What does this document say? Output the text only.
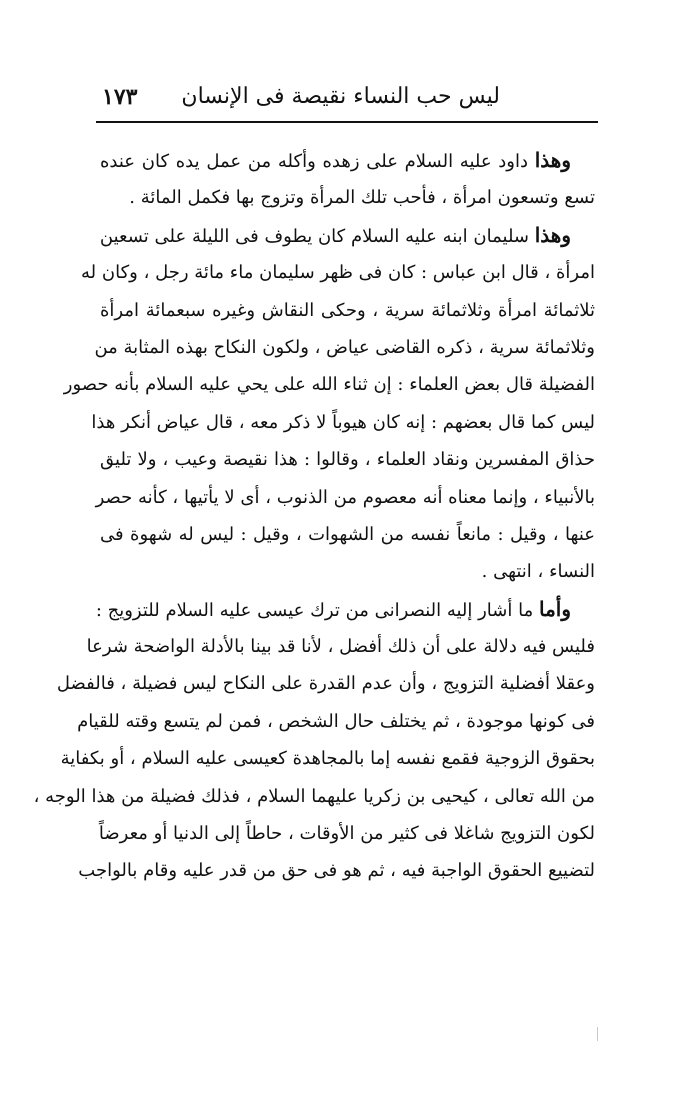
ليس حب النساء نقيصة فى الإنسان
١٧٣
وهذا داود عليه السلام على زهده وأكله من عمل يده كان عنده
تسع وتسعون امرأة ، فأحب تلك المرأة وتزوج بها فكمل المائة .
وهذا سليمان ابنه عليه السلام كان يطوف فى الليلة على تسعين
امرأة ، قال ابن عباس : كان فى ظهر سليمان ماء مائة رجل ، وكان له
ثلاثمائة امرأة وثلاثمائة سرية ، وحكى النقاش وغيره سبعمائة امرأة
وثلاثمائة سرية ، ذكره القاضى عياض ، ولكون النكاح بهذه المثابة من
الفضيلة قال بعض العلماء : إن ثناء الله على يحي عليه السلام بأنه حصور
ليس كما قال بعضهم : إنه كان هيوباً لا ذكر معه ، قال عياض أنكر هذا
حذاق المفسرين ونقاد العلماء ، وقالوا : هذا نقيصة وعيب ، ولا تليق
بالأنبياء ، وإنما معناه أنه معصوم من الذنوب ، أى لا يأتيها ، كأنه حصر
عنها ، وقيل : مانعاً نفسه من الشهوات ، وقيل : ليس له شهوة فى
النساء ، انتهى .
وأما ما أشار إليه النصرانى من ترك عيسى عليه السلام للتزويج :
فليس فيه دلالة على أن ذلك أفضل ، لأنا قد بينا بالأدلة الواضحة شرعا
وعقلا أفضلية التزويج ، وأن عدم القدرة على النكاح ليس فضيلة ، فالفضل
فى كونها موجودة ، ثم يختلف حال الشخص ، فمن لم يتسع وقته للقيام
بحقوق الزوجية فقمع نفسه إما بالمجاهدة كعيسى عليه السلام ، أو بكفاية
من الله تعالى ، كيحيى بن زكريا عليهما السلام ، فذلك فضيلة من هذا الوجه ،
لكون التزويج شاغلا فى كثير من الأوقات ، حاطاً إلى الدنيا أو معرضاً
لتضييع الحقوق الواجبة فيه ، ثم هو فى حق من قدر عليه وقام بالواجب
